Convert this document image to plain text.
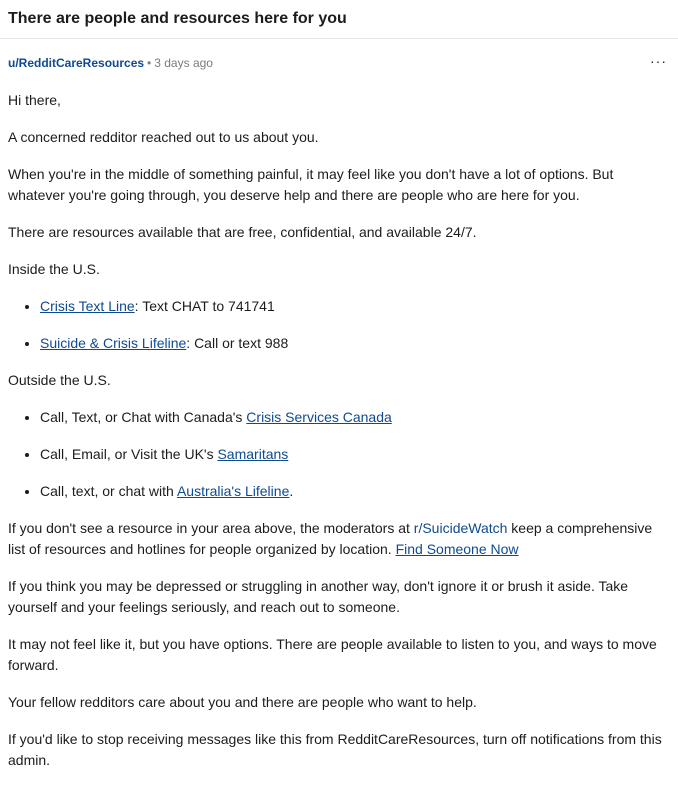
There are people and resources here for you
u/RedditCareResources • 3 days ago	···

Hi there,

A concerned redditor reached out to us about you.

When you're in the middle of something painful, it may feel like you don't have a lot of options. But whatever you're going through, you deserve help and there are people who are here for you.

There are resources available that are free, confidential, and available 24/7.

Inside the U.S.

• Crisis Text Line: Text CHAT to 741741
• Suicide & Crisis Lifeline: Call or text 988

Outside the U.S.

• Call, Text, or Chat with Canada's Crisis Services Canada
• Call, Email, or Visit the UK's Samaritans
• Call, text, or chat with Australia's Lifeline.

If you don't see a resource in your area above, the moderators at r/SuicideWatch keep a comprehensive list of resources and hotlines for people organized by location. Find Someone Now

If you think you may be depressed or struggling in another way, don't ignore it or brush it aside. Take yourself and your feelings seriously, and reach out to someone.

It may not feel like it, but you have options. There are people available to listen to you, and ways to move forward.

Your fellow redditors care about you and there are people who want to help.

If you'd like to stop receiving messages like this from RedditCareResources, turn off notifications from this admin.
